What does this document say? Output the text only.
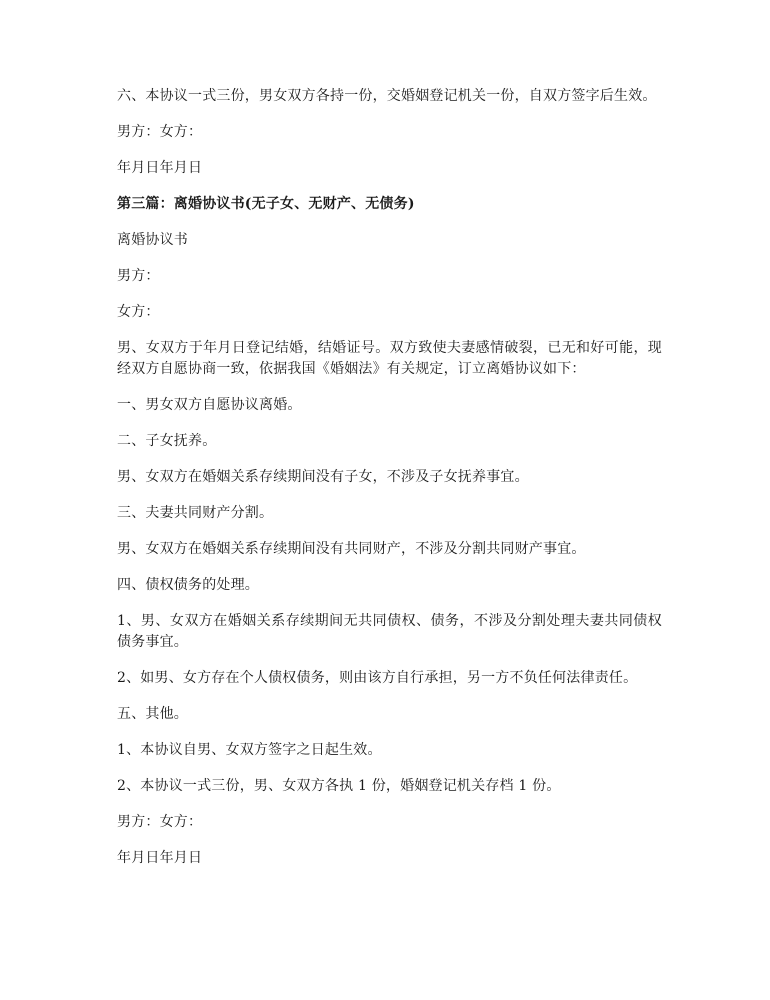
六、本协议一式三份，男女双方各持一份，交婚姻登记机关一份，自双方签字后生效。

男方：女方：

年月日年月日

第三篇：离婚协议书(无子女、无财产、无债务)

离婚协议书

男方：

女方：

男、女双方于年月日登记结婚，结婚证号。双方致使夫妻感情破裂，已无和好可能，现经双方自愿协商一致，依据我国《婚姻法》有关规定，订立离婚协议如下：

一、男女双方自愿协议离婚。

二、子女抚养。

男、女双方在婚姻关系存续期间没有子女，不涉及子女抚养事宜。

三、夫妻共同财产分割。

男、女双方在婚姻关系存续期间没有共同财产，不涉及分割共同财产事宜。

四、债权债务的处理。

1、男、女双方在婚姻关系存续期间无共同债权、债务，不涉及分割处理夫妻共同债权债务事宜。

2、如男、女方存在个人债权债务，则由该方自行承担，另一方不负任何法律责任。

五、其他。

1、本协议自男、女双方签字之日起生效。

2、本协议一式三份，男、女双方各执 1 份，婚姻登记机关存档 1 份。

男方：女方：

年月日年月日
